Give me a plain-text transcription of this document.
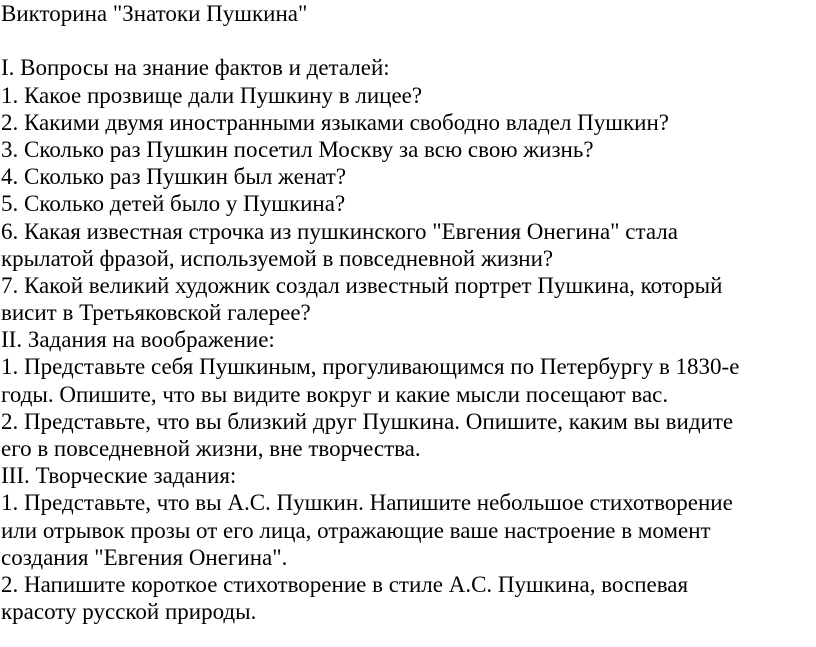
Викторина "Знатоки Пушкина"
I. Вопросы на знание фактов и деталей:
1. Какое прозвище дали Пушкину в лицее?
2. Какими двумя иностранными языками свободно владел Пушкин?
3. Сколько раз Пушкин посетил Москву за всю свою жизнь?
4. Сколько раз Пушкин был женат?
5. Сколько детей было у Пушкина?
6. Какая известная строчка из пушкинского "Евгения Онегина" стала
крылатой фразой, используемой в повседневной жизни?
7. Какой великий художник создал известный портрет Пушкина, который
висит в Третьяковской галерее?
II. Задания на воображение:
1. Представьте себя Пушкиным, прогуливающимся по Петербургу в 1830-е
годы. Опишите, что вы видите вокруг и какие мысли посещают вас.
2. Представьте, что вы близкий друг Пушкина. Опишите, каким вы видите
его в повседневной жизни, вне творчества.
III. Творческие задания:
1. Представьте, что вы А.С. Пушкин. Напишите небольшое стихотворение
или отрывок прозы от его лица, отражающие ваше настроение в момент
создания "Евгения Онегина".
2. Напишите короткое стихотворение в стиле А.С. Пушкина, воспевая
красоту русской природы.
